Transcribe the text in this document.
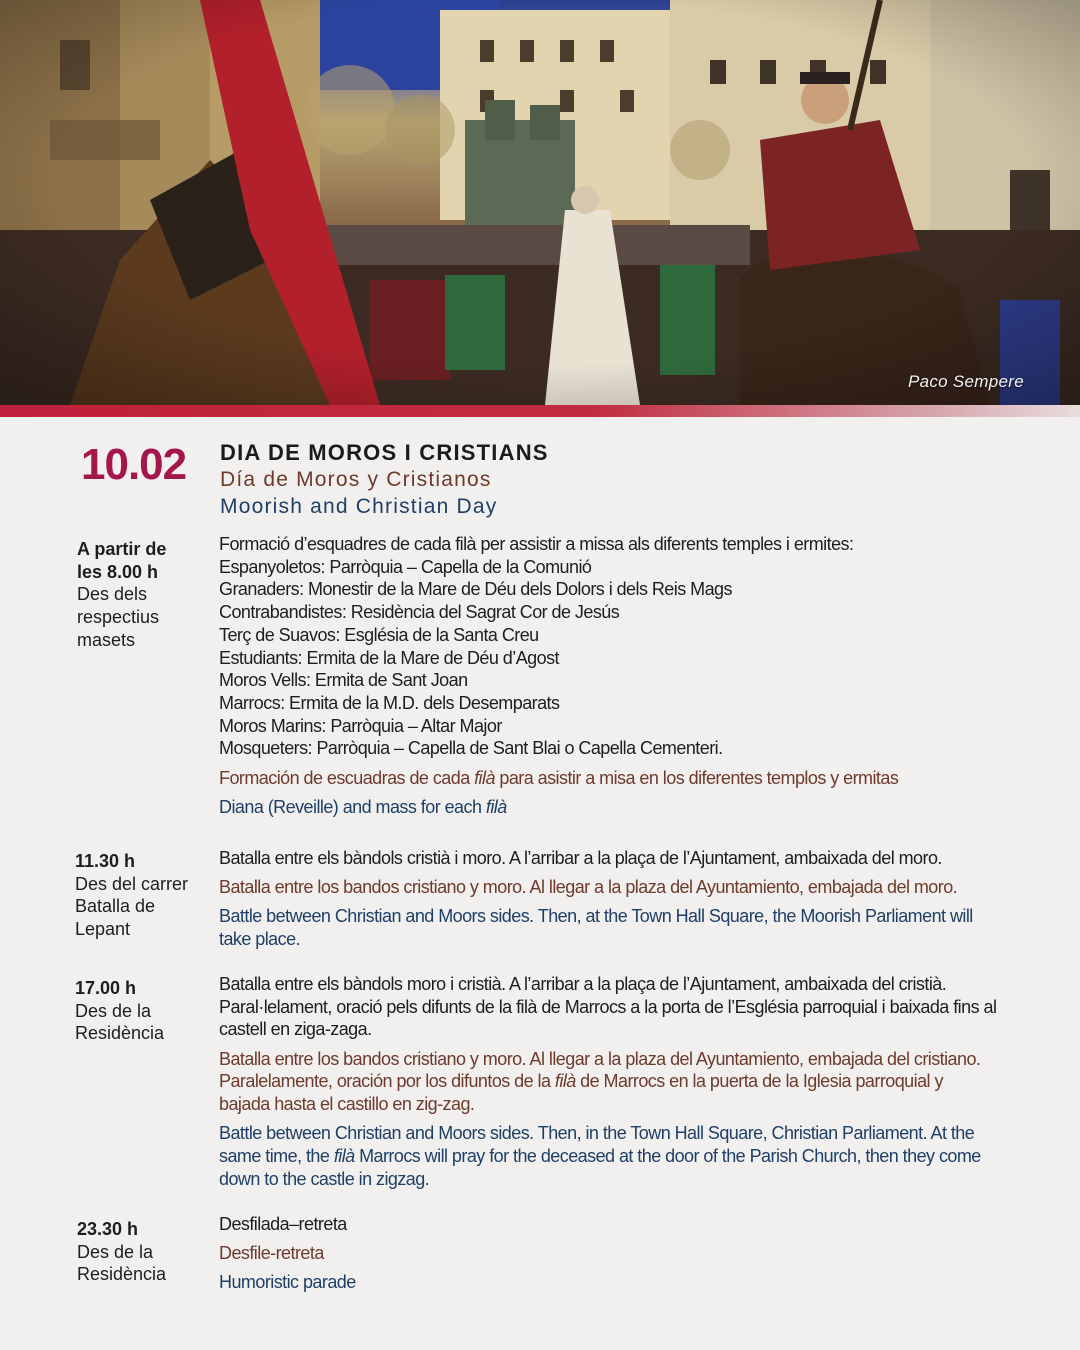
Paco Sempere
10.02 DIA DE MOROS I CRISTIANS
Día de Moros y Cristianos
Moorish and Christian Day
A partir de
les 8.00 h
Des dels
respectius
masets

Formació d’esquadres de cada filà per assistir a missa als diferents temples i ermites:

Espanyoletos: Parròquia – Capella de la Comunió

Granaders: Monestir de la Mare de Déu dels Dolors i dels Reis Mags

Contrabandistes: Residència del Sagrat Cor de Jesús

Terç de Suavos: Església de la Santa Creu

Estudiants: Ermita de la Mare de Déu d’Agost

Moros Vells: Ermita de Sant Joan

Marrocs: Ermita de la M.D. dels Desemparats

Moros Marins: Parròquia – Altar Major

Mosqueters: Parròquia – Capella de Sant Blai o Capella Cementeri.

Formación de escuadras de cada filà para asistir a misa en los diferentes templos y ermitas

Diana (Reveille) and mass for each filà

11.30 h
Des del carrer
Batalla de
Lepant

Batalla entre els bàndols cristià i moro. A l’arribar a la plaça de l’Ajuntament, ambaixada del moro.

Batalla entre los bandos cristiano y moro. Al llegar a la plaza del Ayuntamiento, embajada del moro.

Battle between Christian and Moors sides. Then, at the Town Hall Square, the Moorish Parliament will take place.

17.00 h
Des de la
Residència

Batalla entre els bàndols moro i cristià. A l’arribar a la plaça de l’Ajuntament, ambaixada del cristià. Paral·lelament, oració pels difunts de la filà de Marrocs a la porta de l’Església parroquial i baixada fins al castell en ziga-zaga.

Batalla entre los bandos cristiano y moro. Al llegar a la plaza del Ayuntamiento, embajada del cristiano. Paralelamente, oración por los difuntos de la filà de Marrocs en la puerta de la Iglesia parroquial y bajada hasta el castillo en zig-zag.

Battle between Christian and Moors sides. Then, in the Town Hall Square, Christian Parliament. At the same time, the filà Marrocs will pray for the deceased at the door of the Parish Church, then they come down to the castle in zigzag.

23.30 h
Des de la
Residència

Desfilada–retreta

Desfile-retreta

Humoristic parade
